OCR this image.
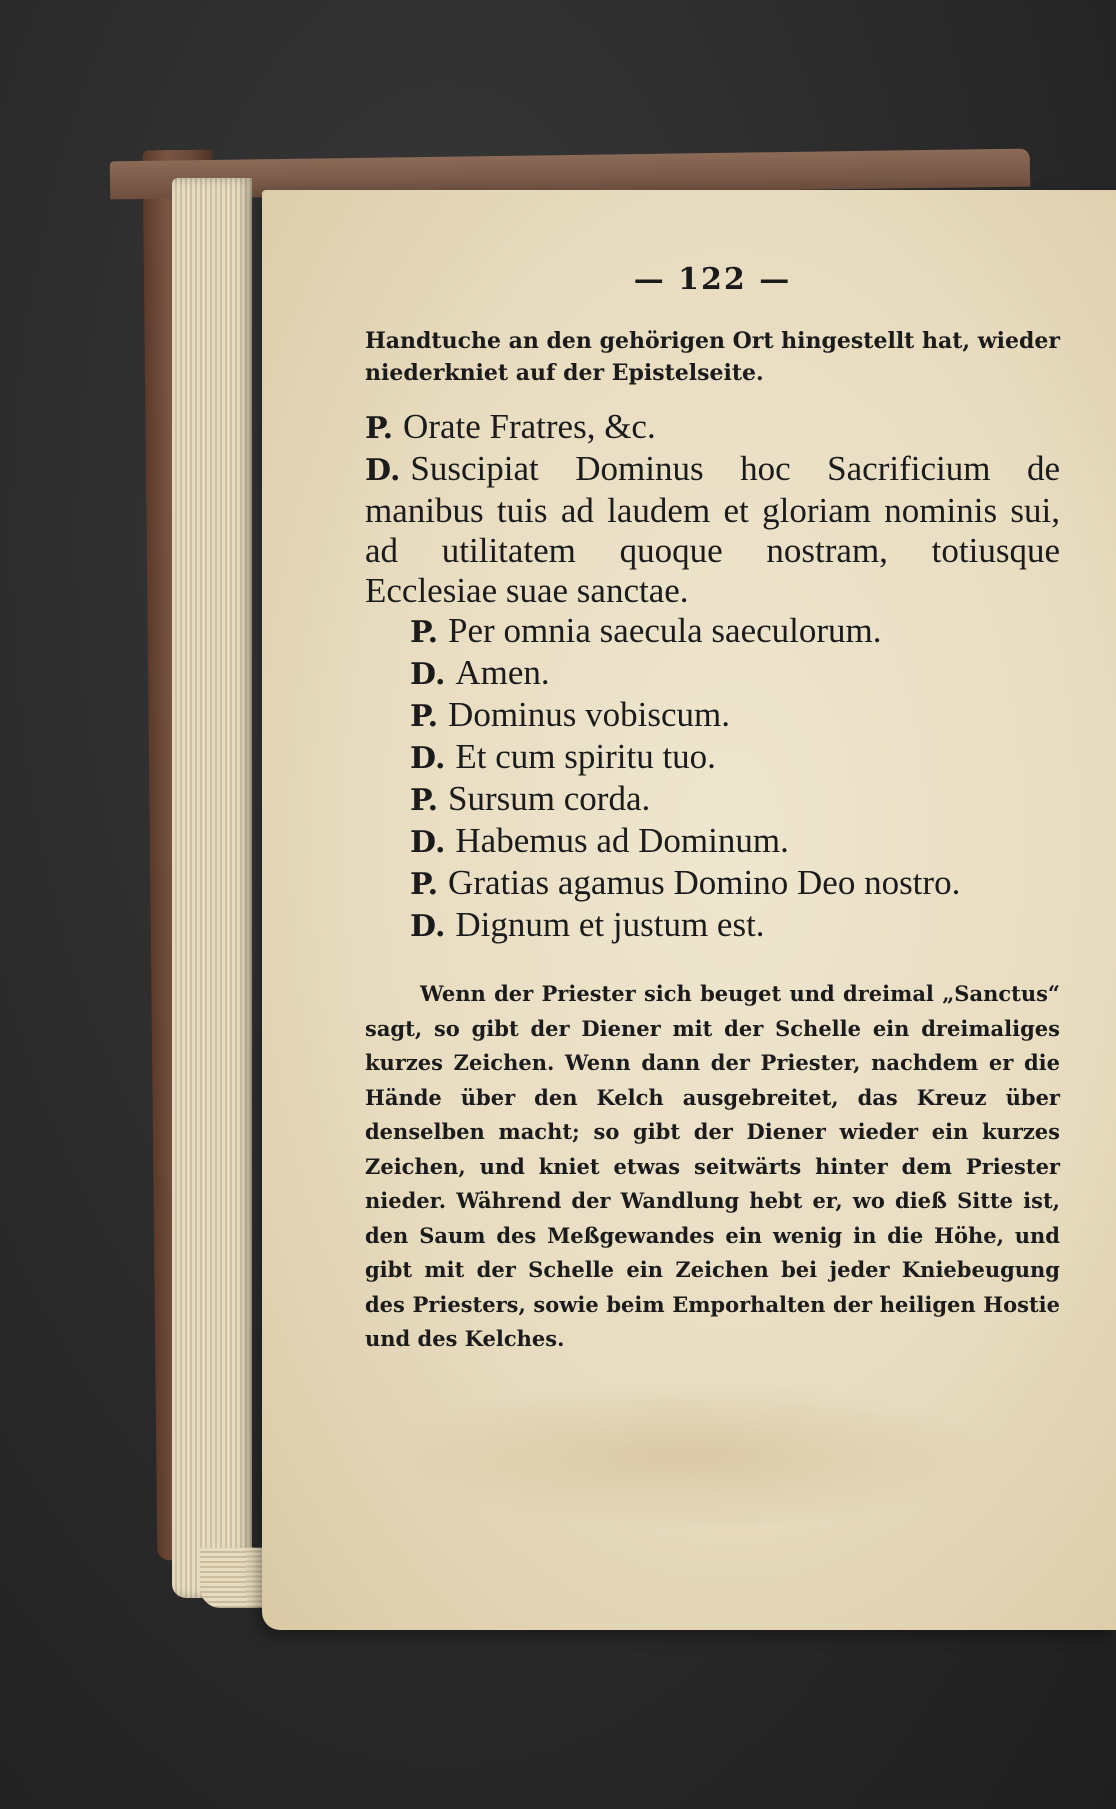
— 122 —

Handtuche an den gehörigen Ort hingestellt hat, wieder niederkniet auf der Epistelseite.

P. Orate Fratres, &c.

D. Suscipiat Dominus hoc Sacrificium de manibus tuis ad laudem et gloriam nominis sui, ad utilitatem quoque nostram, totiusque Ecclesiae suae sanctae.

P. Per omnia saecula saeculorum.

D. Amen.

P. Dominus vobiscum.

D. Et cum spiritu tuo.

P. Sursum corda.

D. Habemus ad Dominum.

P. Gratias agamus Domino Deo nostro.

D. Dignum et justum est.

Wenn der Priester sich beuget und dreimal „Sanctus“ sagt, so gibt der Diener mit der Schelle ein dreimaliges kurzes Zeichen. Wenn dann der Priester, nachdem er die Hände über den Kelch ausgebreitet, das Kreuz über denselben macht; so gibt der Diener wieder ein kurzes Zeichen, und kniet etwas seitwärts hinter dem Priester nieder. Während der Wandlung hebt er, wo dieß Sitte ist, den Saum des Meßgewandes ein wenig in die Höhe, und gibt mit der Schelle ein Zeichen bei jeder Kniebeugung des Priesters, sowie beim Emporhalten der heiligen Hostie und des Kelches.
